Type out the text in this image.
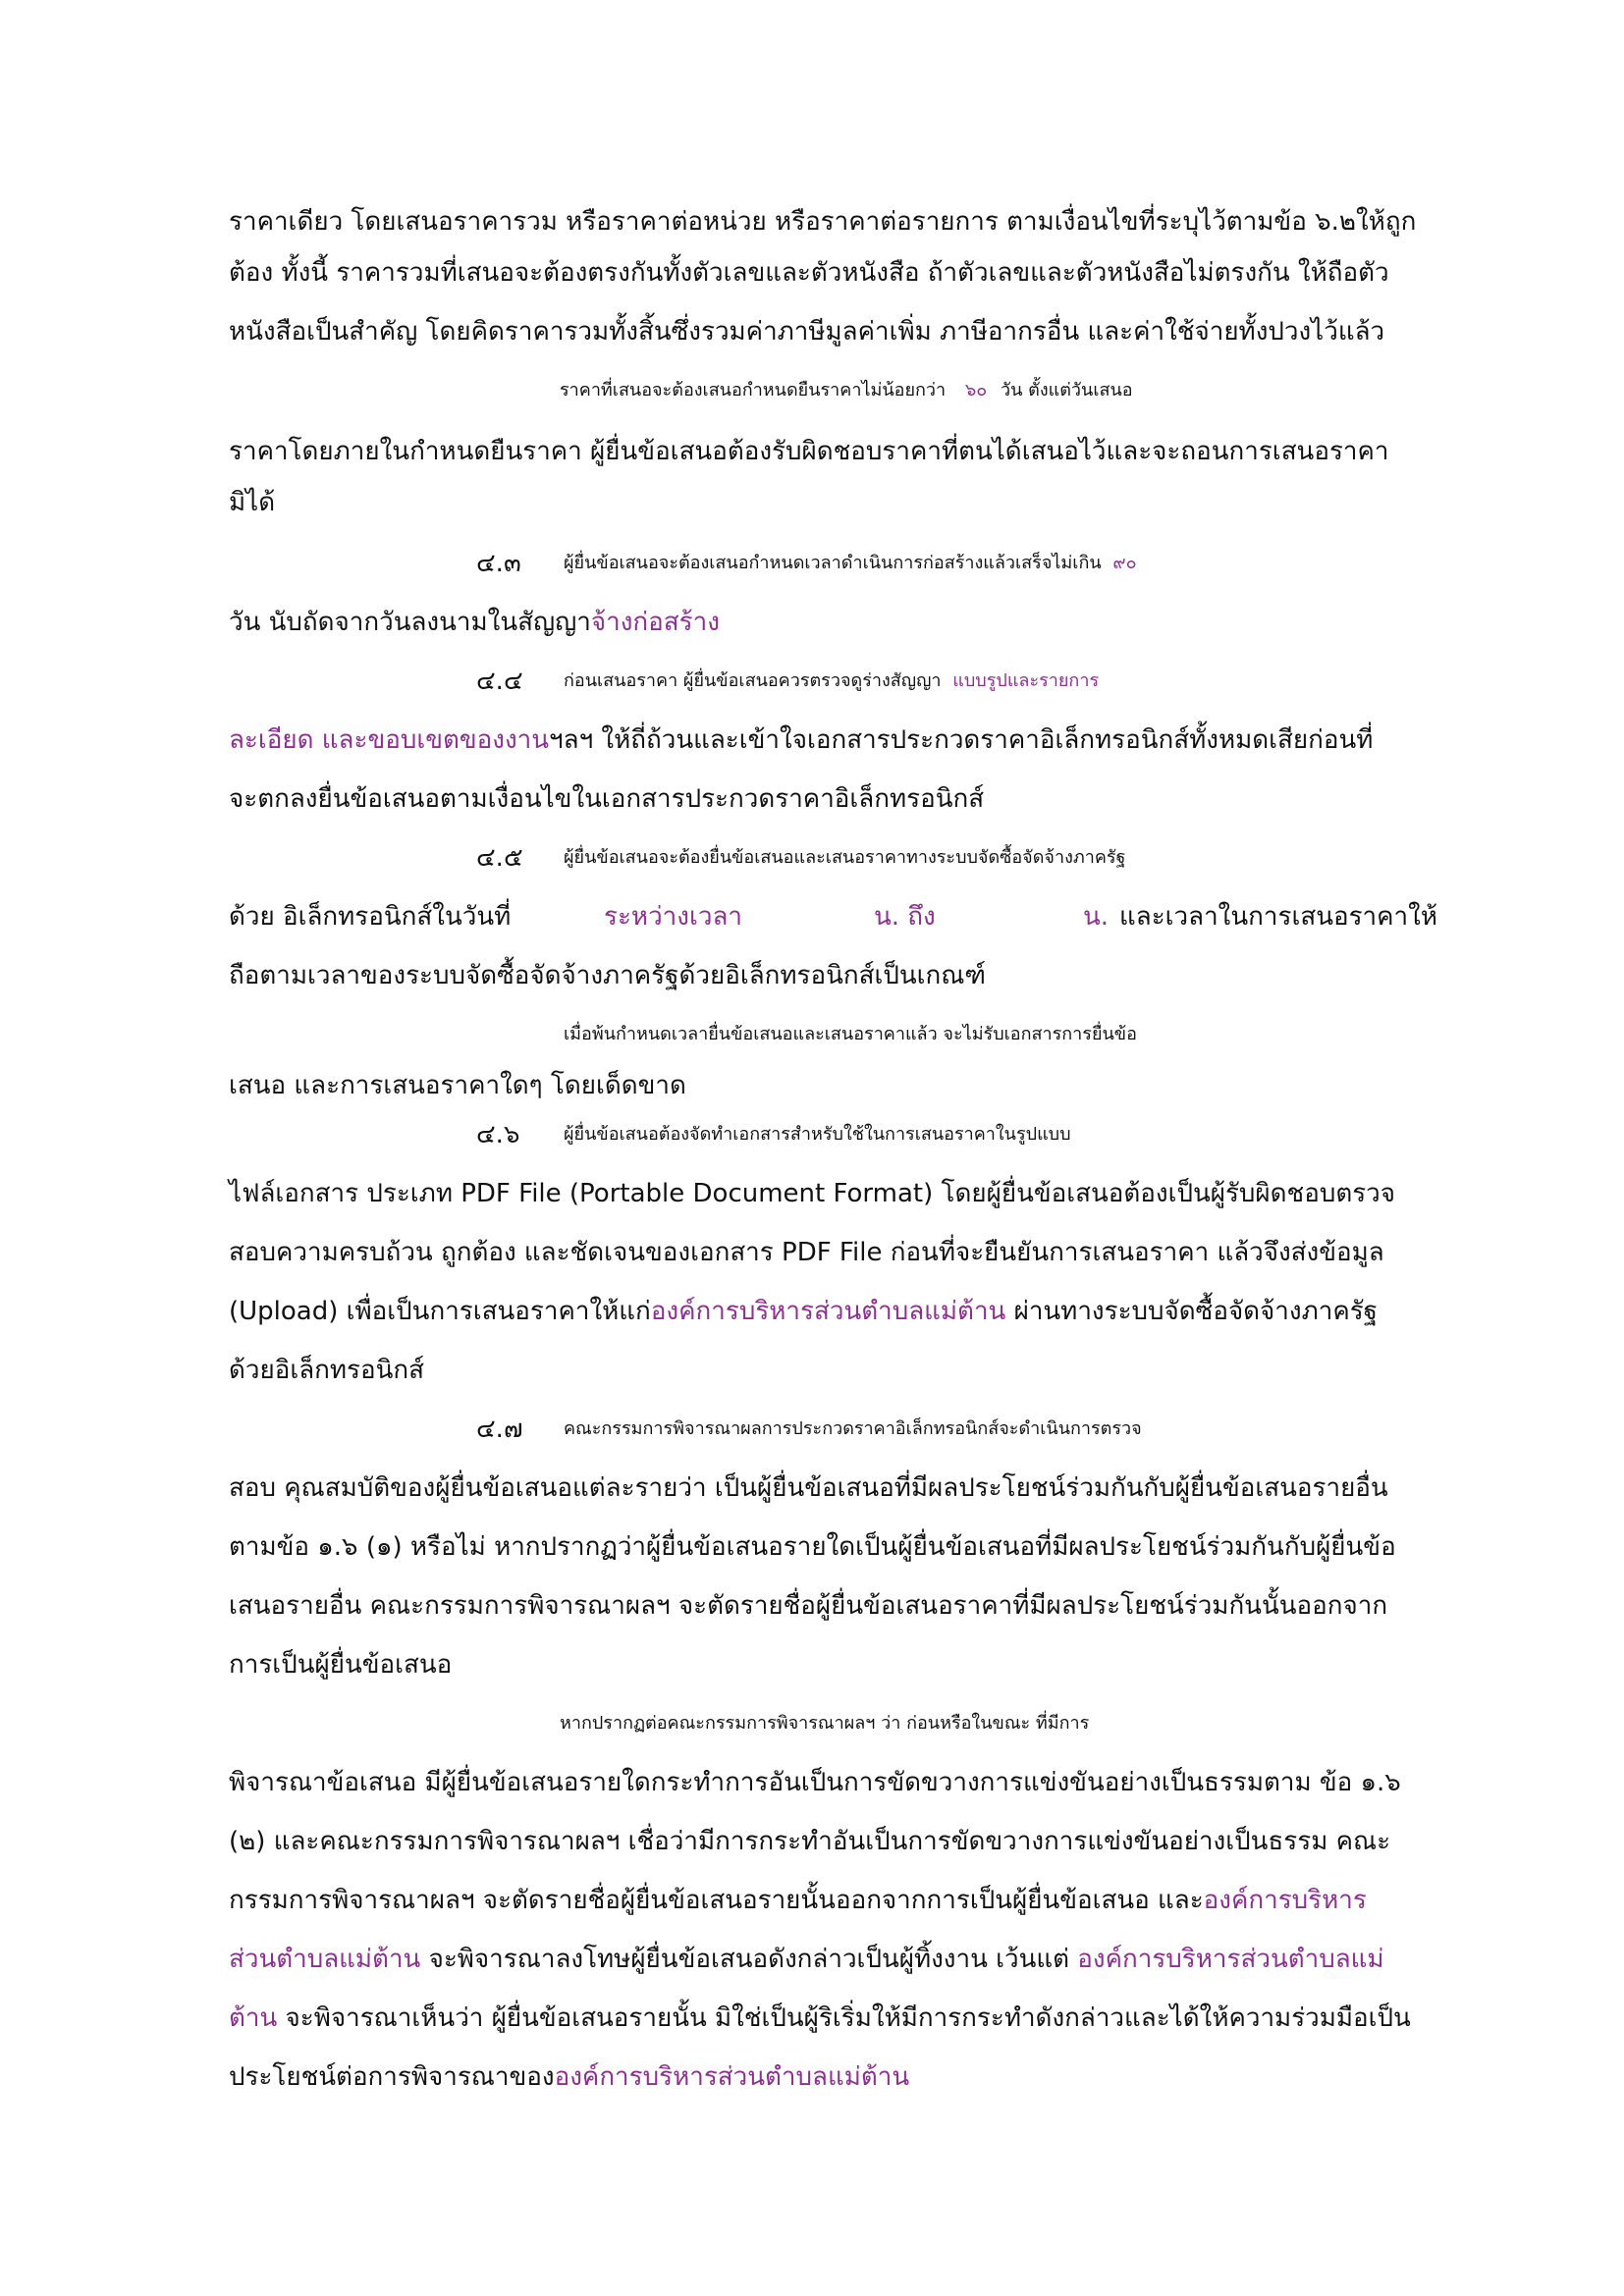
ราคาเดียว โดยเสนอราคารวม หรือราคาต่อหน่วย หรือราคาต่อรายการ ตามเงื่อนไขที่ระบุไว้ตามข้อ ๖.๒ให้ถูก
ต้อง ทั้งนี้ ราคารวมที่เสนอจะต้องตรงกันทั้งตัวเลขและตัวหนังสือ ถ้าตัวเลขและตัวหนังสือไม่ตรงกัน ให้ถือตัว
หนังสือเป็นสำคัญ โดยคิดราคารวมทั้งสิ้นซึ่งรวมค่าภาษีมูลค่าเพิ่ม ภาษีอากรอื่น และค่าใช้จ่ายทั้งปวงไว้แล้ว
ราคาที่เสนอจะต้องเสนอกำหนดยืนราคาไม่น้อยกว่า ๖๐ วัน ตั้งแต่วันเสนอ
ราคาโดยภายในกำหนดยืนราคา ผู้ยื่นข้อเสนอต้องรับผิดชอบราคาที่ตนได้เสนอไว้และจะถอนการเสนอราคา
มิได้
๔.๓ ผู้ยื่นข้อเสนอจะต้องเสนอกำหนดเวลาดำเนินการก่อสร้างแล้วเสร็จไม่เกิน ๙๐
วัน นับถัดจากวันลงนามในสัญญาจ้างก่อสร้าง
๔.๔ ก่อนเสนอราคา ผู้ยื่นข้อเสนอควรตรวจดูร่างสัญญา แบบรูปและรายการ
ละเอียด และขอบเขตของงานฯลฯ ให้ถี่ถ้วนและเข้าใจเอกสารประกวดราคาอิเล็กทรอนิกส์ทั้งหมดเสียก่อนที่
จะตกลงยื่นข้อเสนอตามเงื่อนไขในเอกสารประกวดราคาอิเล็กทรอนิกส์
๔.๕ ผู้ยื่นข้อเสนอจะต้องยื่นข้อเสนอและเสนอราคาทางระบบจัดซื้อจัดจ้างภาครัฐ
ด้วย อิเล็กทรอนิกส์ในวันที่	ระหว่างเวลา	น. ถึง	น. และเวลาในการเสนอราคาให้
ถือตามเวลาของระบบจัดซื้อจัดจ้างภาครัฐด้วยอิเล็กทรอนิกส์เป็นเกณฑ์
เมื่อพ้นกำหนดเวลายื่นข้อเสนอและเสนอราคาแล้ว จะไม่รับเอกสารการยื่นข้อ
เสนอ และการเสนอราคาใดๆ โดยเด็ดขาด
๔.๖ ผู้ยื่นข้อเสนอต้องจัดทำเอกสารสำหรับใช้ในการเสนอราคาในรูปแบบ
ไฟล์เอกสาร ประเภท PDF File (Portable Document Format) โดยผู้ยื่นข้อเสนอต้องเป็นผู้รับผิดชอบตรวจ
สอบความครบถ้วน ถูกต้อง และชัดเจนของเอกสาร PDF File ก่อนที่จะยืนยันการเสนอราคา แล้วจึงส่งข้อมูล
(Upload) เพื่อเป็นการเสนอราคาให้แก่องค์การบริหารส่วนตำบลแม่ต้าน ผ่านทางระบบจัดซื้อจัดจ้างภาครัฐ
ด้วยอิเล็กทรอนิกส์
๔.๗ คณะกรรมการพิจารณาผลการประกวดราคาอิเล็กทรอนิกส์จะดำเนินการตรวจ
สอบ คุณสมบัติของผู้ยื่นข้อเสนอแต่ละรายว่า เป็นผู้ยื่นข้อเสนอที่มีผลประโยชน์ร่วมกันกับผู้ยื่นข้อเสนอรายอื่น
ตามข้อ ๑.๖ (๑) หรือไม่ หากปรากฏว่าผู้ยื่นข้อเสนอรายใดเป็นผู้ยื่นข้อเสนอที่มีผลประโยชน์ร่วมกันกับผู้ยื่นข้อ
เสนอรายอื่น คณะกรรมการพิจารณาผลฯ จะตัดรายชื่อผู้ยื่นข้อเสนอราคาที่มีผลประโยชน์ร่วมกันนั้นออกจาก
การเป็นผู้ยื่นข้อเสนอ
หากปรากฏต่อคณะกรรมการพิจารณาผลฯ ว่า ก่อนหรือในขณะ ที่มีการ
พิจารณาข้อเสนอ มีผู้ยื่นข้อเสนอรายใดกระทำการอันเป็นการขัดขวางการแข่งขันอย่างเป็นธรรมตาม ข้อ ๑.๖
(๒) และคณะกรรมการพิจารณาผลฯ เชื่อว่ามีการกระทำอันเป็นการขัดขวางการแข่งขันอย่างเป็นธรรม คณะ
กรรมการพิจารณาผลฯ จะตัดรายชื่อผู้ยื่นข้อเสนอรายนั้นออกจากการเป็นผู้ยื่นข้อเสนอ และองค์การบริหาร
ส่วนตำบลแม่ต้าน จะพิจารณาลงโทษผู้ยื่นข้อเสนอดังกล่าวเป็นผู้ทิ้งงาน เว้นแต่ องค์การบริหารส่วนตำบลแม่
ต้าน จะพิจารณาเห็นว่า ผู้ยื่นข้อเสนอรายนั้น มิใช่เป็นผู้ริเริ่มให้มีการกระทำดังกล่าวและได้ให้ความร่วมมือเป็น
ประโยชน์ต่อการพิจารณาขององค์การบริหารส่วนตำบลแม่ต้าน
